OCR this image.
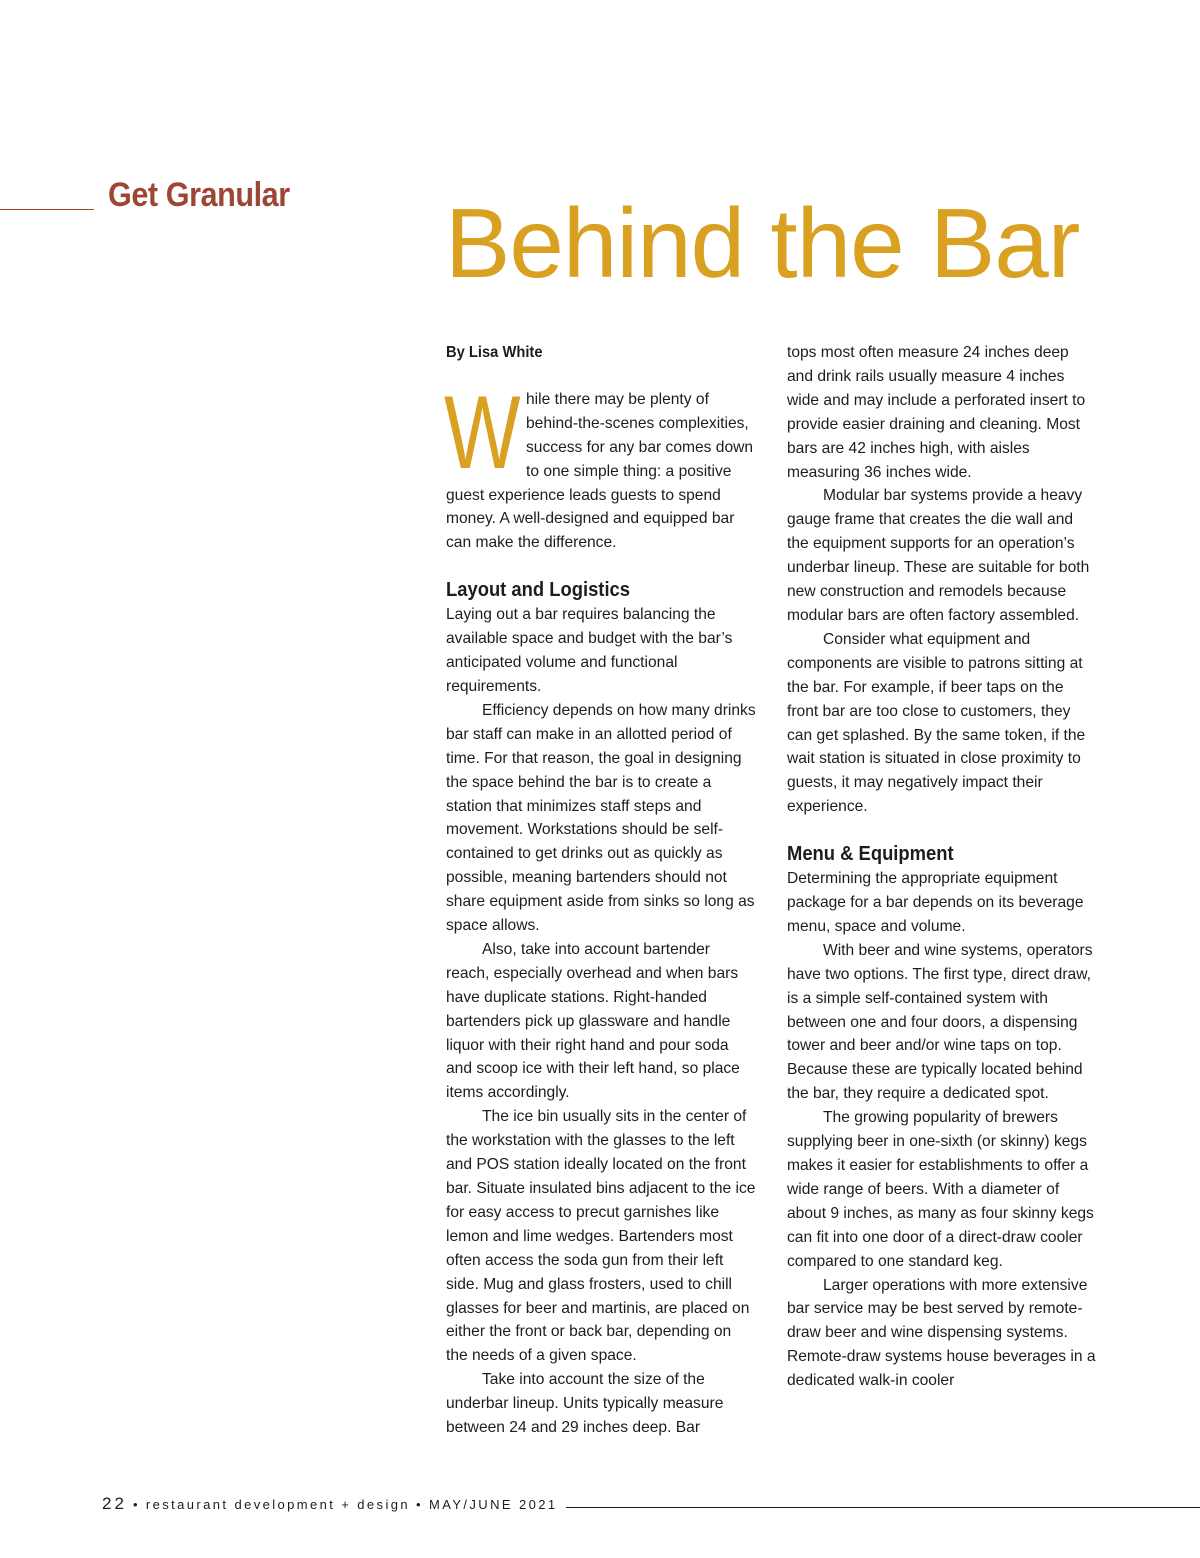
Get Granular Behind the Bar
By Lisa White
W hile there may be plenty of behind-the-scenes complexities, success for any bar comes down to one simple thing: a positive guest experience leads guests to spend money. A well-designed and equipped bar can make the difference.

Layout and Logistics

Laying out a bar requires balancing the available space and budget with the bar’s anticipated volume and functional requirements.

Efficiency depends on how many drinks bar staff can make in an allotted period of time. For that reason, the goal in designing the space behind the bar is to create a station that minimizes staff steps and movement. Workstations should be self-contained to get drinks out as quickly as possible, meaning bartenders should not share equipment aside from sinks so long as space allows.

Also, take into account bartender reach, especially overhead and when bars have duplicate stations. Right-handed bartenders pick up glassware and handle liquor with their right hand and pour soda and scoop ice with their left hand, so place items accordingly.

The ice bin usually sits in the center of the workstation with the glasses to the left and POS station ideally located on the front bar. Situate insulated bins adjacent to the ice for easy access to precut garnishes like lemon and lime wedges. Bartenders most often access the soda gun from their left side. Mug and glass frosters, used to chill glasses for beer and martinis, are placed on either the front or back bar, depending on the needs of a given space.

Take into account the size of the underbar lineup. Units typically measure between 24 and 29 inches deep. Bar

tops most often measure 24 inches deep and drink rails usually measure 4 inches wide and may include a perforated insert to provide easier draining and cleaning. Most bars are 42 inches high, with aisles measuring 36 inches wide.

Modular bar systems provide a heavy gauge frame that creates the die wall and the equipment supports for an operation’s underbar lineup. These are suitable for both new construction and remodels because modular bars are often factory assembled.

Consider what equipment and components are visible to patrons sitting at the bar. For example, if beer taps on the front bar are too close to customers, they can get splashed. By the same token, if the wait station is situated in close proximity to guests, it may negatively impact their experience.

Menu & Equipment

Determining the appropriate equipment package for a bar depends on its beverage menu, space and volume.

With beer and wine systems, operators have two options. The first type, direct draw, is a simple self-contained system with between one and four doors, a dispensing tower and beer and/or wine taps on top. Because these are typically located behind the bar, they require a dedicated spot.

The growing popularity of brewers supplying beer in one-sixth (or skinny) kegs makes it easier for establishments to offer a wide range of beers. With a diameter of about 9 inches, as many as four skinny kegs can fit into one door of a direct-draw cooler compared to one standard keg.

Larger operations with more extensive bar service may be best served by remote-draw beer and wine dispensing systems. Remote-draw systems house beverages in a dedicated walk-in cooler

22 • restaurant development + design • MAY/JUNE 2021
